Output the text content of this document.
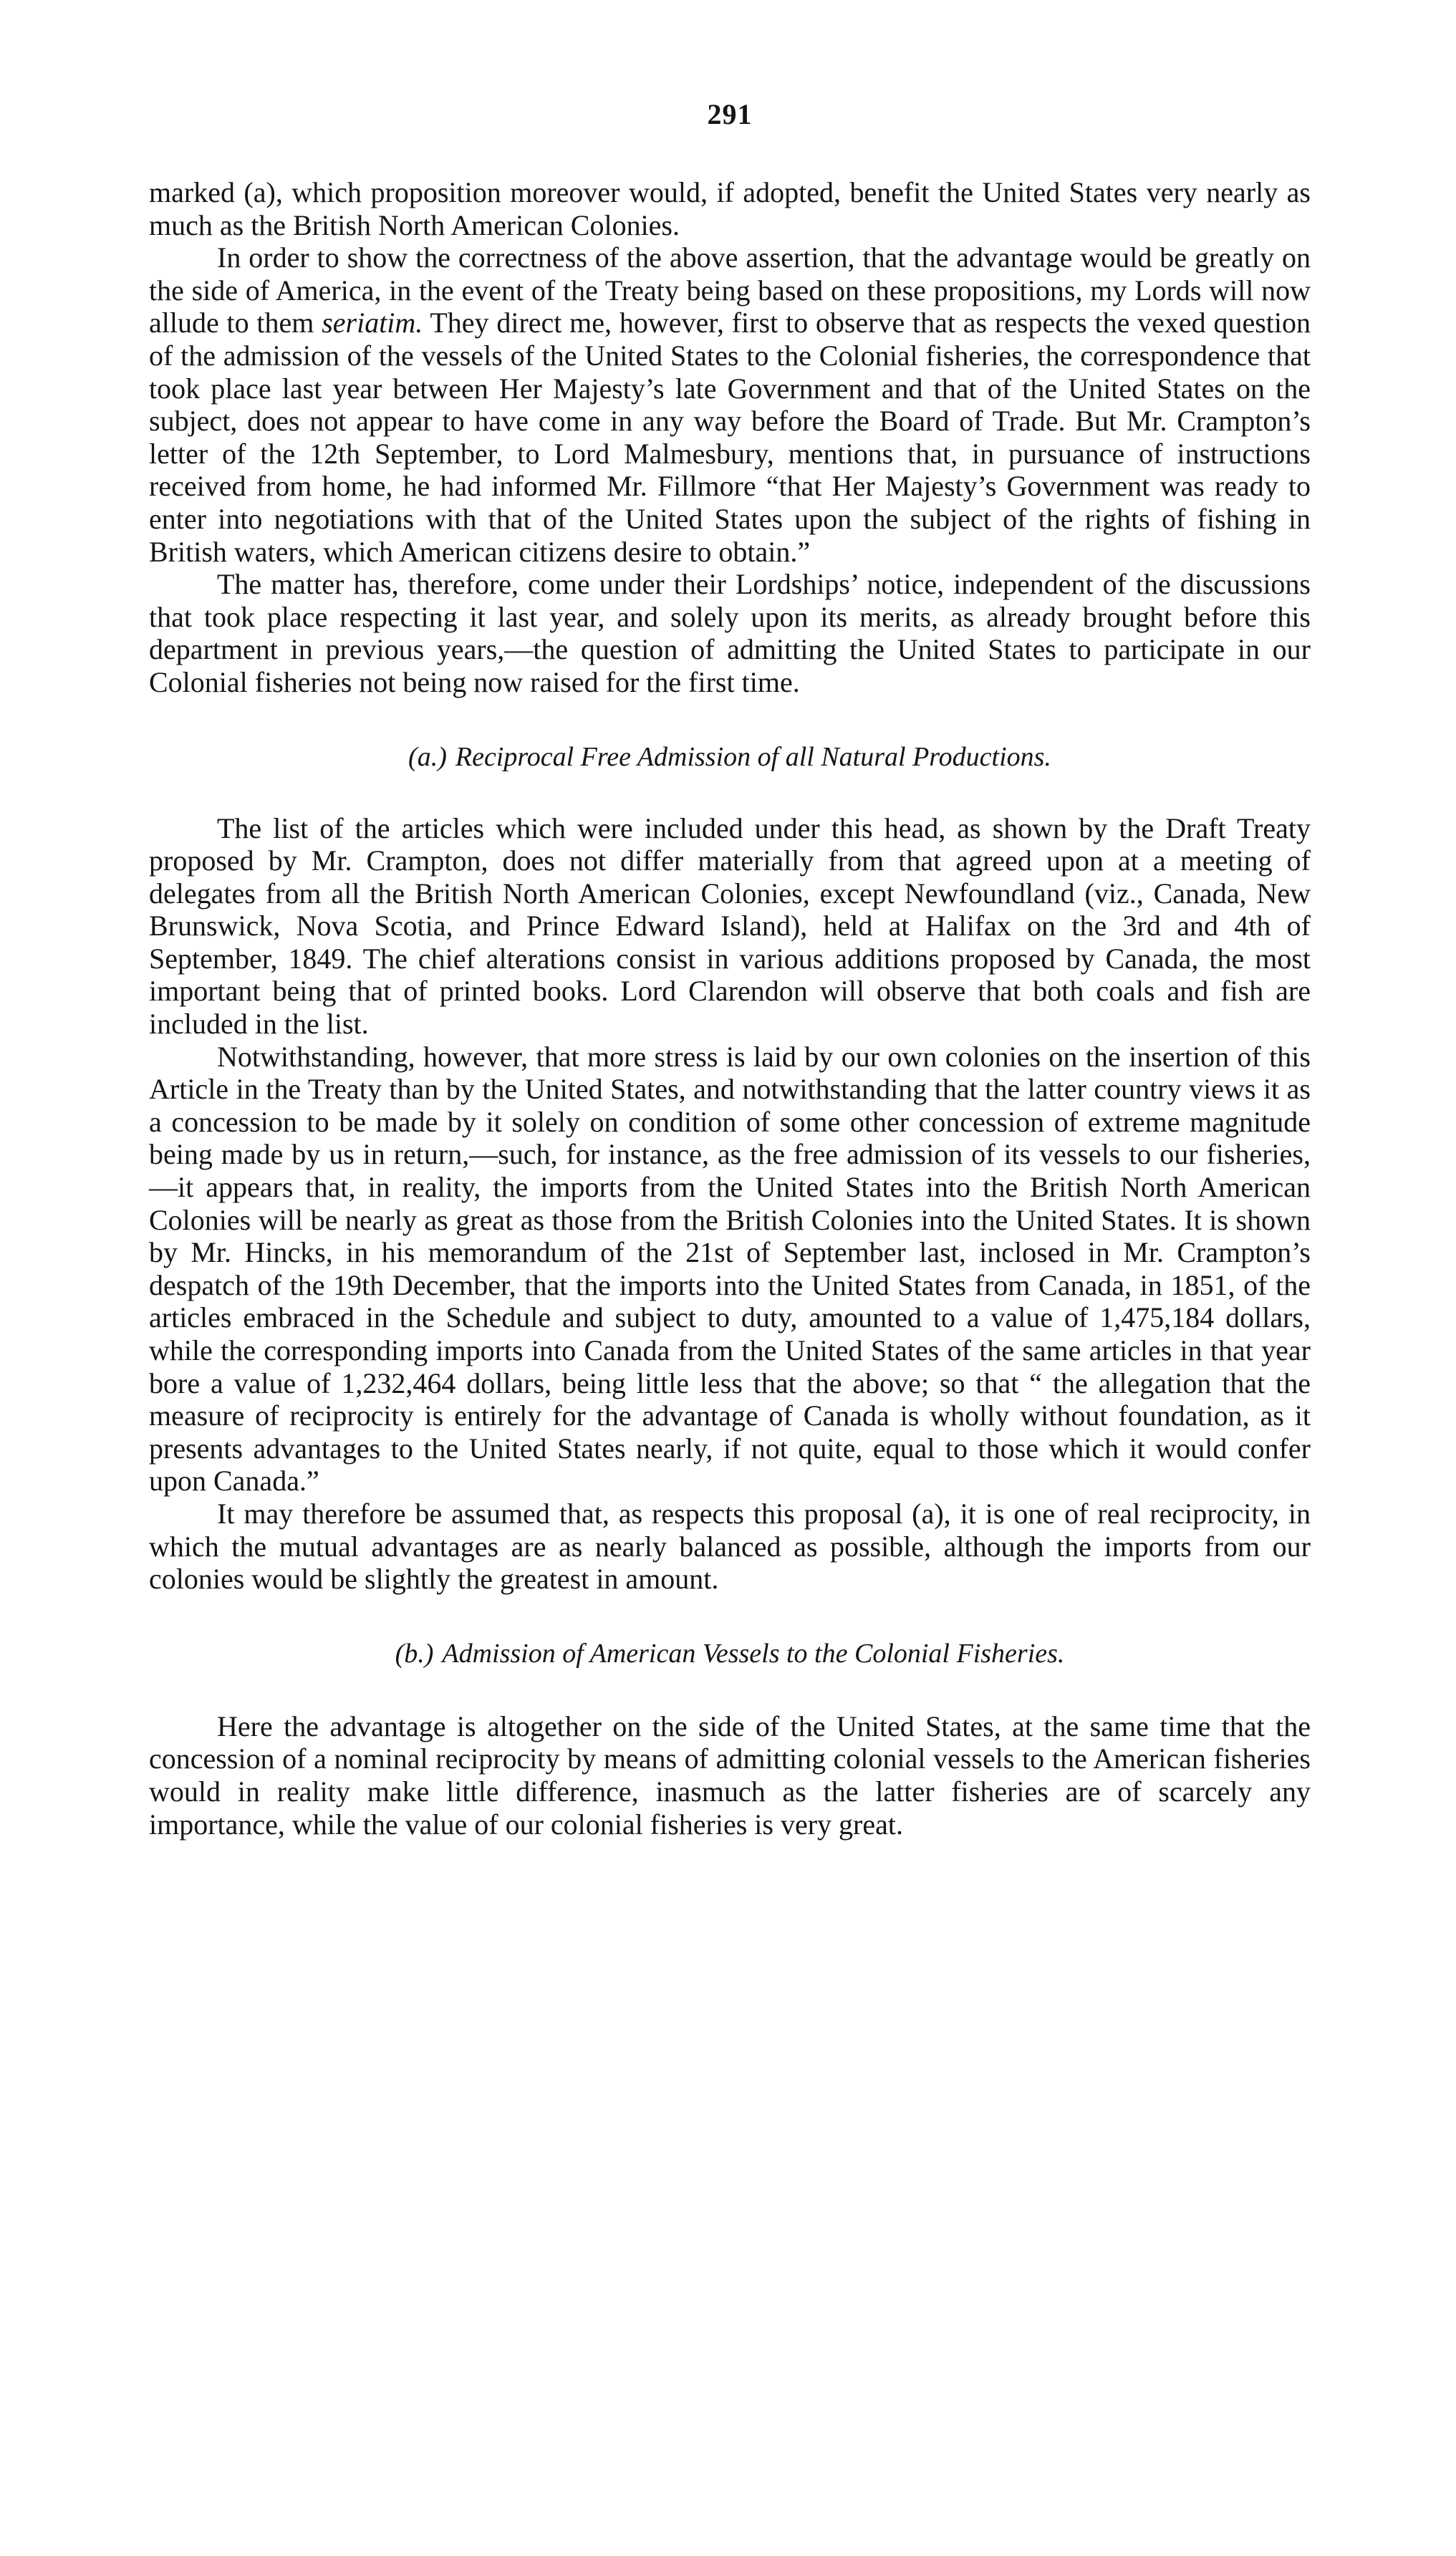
291

marked (a), which proposition moreover would, if adopted, benefit the United States very nearly as much as the British North American Colonies.

In order to show the correctness of the above assertion, that the advantage would be greatly on the side of America, in the event of the Treaty being based on these propositions, my Lords will now allude to them seriatim. They direct me, however, first to observe that as respects the vexed question of the admission of the vessels of the United States to the Colonial fisheries, the correspondence that took place last year between Her Majesty’s late Government and that of the United States on the subject, does not appear to have come in any way before the Board of Trade. But Mr. Crampton’s letter of the 12th September, to Lord Malmesbury, mentions that, in pursuance of instructions received from home, he had informed Mr. Fillmore “that Her Majesty’s Government was ready to enter into negotiations with that of the United States upon the subject of the rights of fishing in British waters, which American citizens desire to obtain.”

The matter has, therefore, come under their Lordships’ notice, independent of the discussions that took place respecting it last year, and solely upon its merits, as already brought before this department in previous years,—the question of admitting the United States to participate in our Colonial fisheries not being now raised for the first time.

(a.) Reciprocal Free Admission of all Natural Productions.

The list of the articles which were included under this head, as shown by the Draft Treaty proposed by Mr. Crampton, does not differ materially from that agreed upon at a meeting of delegates from all the British North American Colonies, except Newfoundland (viz., Canada, New Brunswick, Nova Scotia, and Prince Edward Island), held at Halifax on the 3rd and 4th of September, 1849. The chief alterations consist in various additions proposed by Canada, the most important being that of printed books. Lord Clarendon will observe that both coals and fish are included in the list.

Notwithstanding, however, that more stress is laid by our own colonies on the insertion of this Article in the Treaty than by the United States, and notwithstanding that the latter country views it as a concession to be made by it solely on condition of some other concession of extreme magnitude being made by us in return,—such, for instance, as the free admission of its vessels to our fisheries,—it appears that, in reality, the imports from the United States into the British North American Colonies will be nearly as great as those from the British Colonies into the United States. It is shown by Mr. Hincks, in his memorandum of the 21st of September last, inclosed in Mr. Crampton’s despatch of the 19th December, that the imports into the United States from Canada, in 1851, of the articles embraced in the Schedule and subject to duty, amounted to a value of 1,475,184 dollars, while the corresponding imports into Canada from the United States of the same articles in that year bore a value of 1,232,464 dollars, being little less that the above; so that “ the allegation that the measure of reciprocity is entirely for the advantage of Canada is wholly without foundation, as it presents advantages to the United States nearly, if not quite, equal to those which it would confer upon Canada.”

It may therefore be assumed that, as respects this proposal (a), it is one of real reciprocity, in which the mutual advantages are as nearly balanced as possible, although the imports from our colonies would be slightly the greatest in amount.

(b.) Admission of American Vessels to the Colonial Fisheries.

Here the advantage is altogether on the side of the United States, at the same time that the concession of a nominal reciprocity by means of admitting colonial vessels to the American fisheries would in reality make little difference, inasmuch as the latter fisheries are of scarcely any importance, while the value of our colonial fisheries is very great.
